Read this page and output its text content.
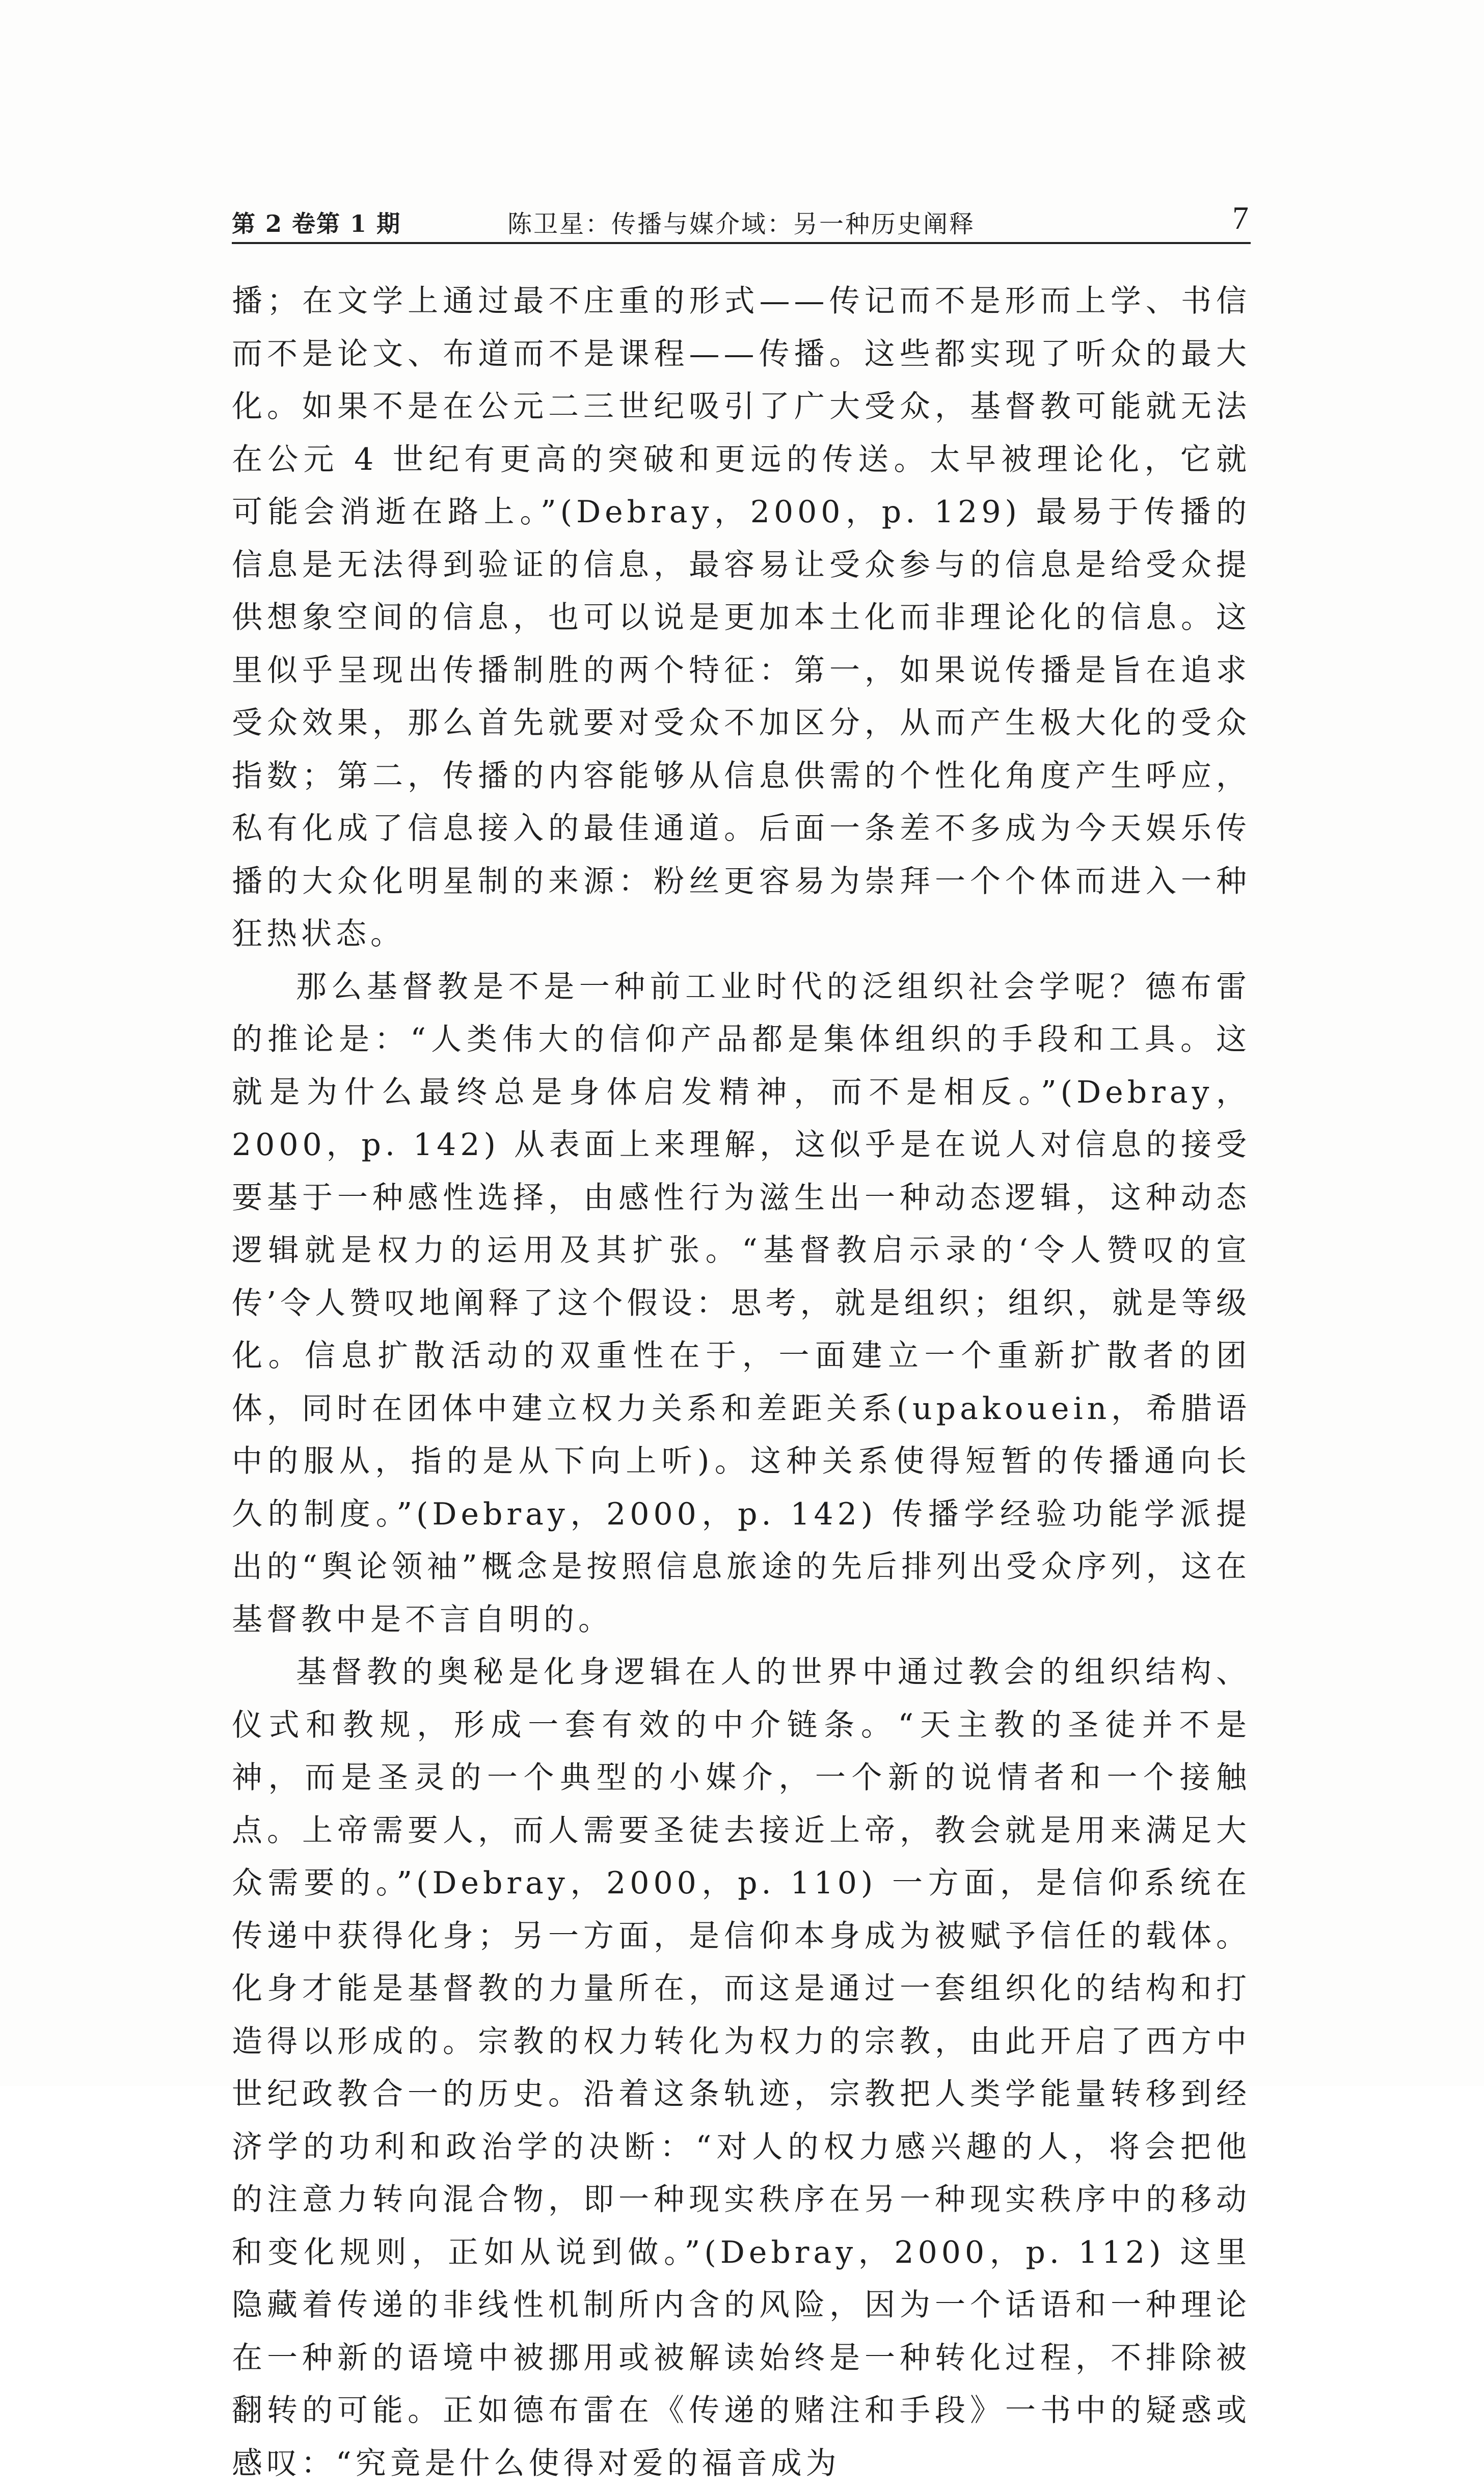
第 2 卷第 1 期	陈卫星：传播与媒介域：另一种历史阐释	7

播；在文学上通过最不庄重的形式——传记而不是形而上学、书信而不是论文、布道而不是课程——传播。这些都实现了听众的最大化。如果不是在公元二三世纪吸引了广大受众，基督教可能就无法在公元 4 世纪有更高的突破和更远的传送。太早被理论化，它就可能会消逝在路上。”(Debray，2000，p. 129) 最易于传播的信息是无法得到验证的信息，最容易让受众参与的信息是给受众提供想象空间的信息，也可以说是更加本土化而非理论化的信息。这里似乎呈现出传播制胜的两个特征：第一，如果说传播是旨在追求受众效果，那么首先就要对受众不加区分，从而产生极大化的受众指数；第二，传播的内容能够从信息供需的个性化角度产生呼应，私有化成了信息接入的最佳通道。后面一条差不多成为今天娱乐传播的大众化明星制的来源：粉丝更容易为崇拜一个个体而进入一种狂热状态。

那么基督教是不是一种前工业时代的泛组织社会学呢？德布雷的推论是：“人类伟大的信仰产品都是集体组织的手段和工具。这就是为什么最终总是身体启发精神，而不是相反。”(Debray，2000，p. 142) 从表面上来理解，这似乎是在说人对信息的接受要基于一种感性选择，由感性行为滋生出一种动态逻辑，这种动态逻辑就是权力的运用及其扩张。“基督教启示录的‘令人赞叹的宣传’令人赞叹地阐释了这个假设：思考，就是组织；组织，就是等级化。信息扩散活动的双重性在于，一面建立一个重新扩散者的团体，同时在团体中建立权力关系和差距关系(upakouein，希腊语中的服从，指的是从下向上听)。这种关系使得短暂的传播通向长久的制度。”(Debray，2000，p. 142) 传播学经验功能学派提出的“舆论领袖”概念是按照信息旅途的先后排列出受众序列，这在基督教中是不言自明的。

基督教的奥秘是化身逻辑在人的世界中通过教会的组织结构、仪式和教规，形成一套有效的中介链条。“天主教的圣徒并不是神，而是圣灵的一个典型的小媒介，一个新的说情者和一个接触点。上帝需要人，而人需要圣徒去接近上帝，教会就是用来满足大众需要的。”(Debray，2000，p. 110) 一方面，是信仰系统在传递中获得化身；另一方面，是信仰本身成为被赋予信任的载体。化身才能是基督教的力量所在，而这是通过一套组织化的结构和打造得以形成的。宗教的权力转化为权力的宗教，由此开启了西方中世纪政教合一的历史。沿着这条轨迹，宗教把人类学能量转移到经济学的功利和政治学的决断：“对人的权力感兴趣的人，将会把他的注意力转向混合物，即一种现实秩序在另一种现实秩序中的移动和变化规则，正如从说到做。”(Debray，2000，p. 112) 这里隐藏着传递的非线性机制所内含的风险，因为一个话语和一种理论在一种新的语境中被挪用或被解读始终是一种转化过程，不排除被翻转的可能。正如德布雷在《传递的赌注和手段》一书中的疑惑或感叹：“究竟是什么使得对爱的福音成为
